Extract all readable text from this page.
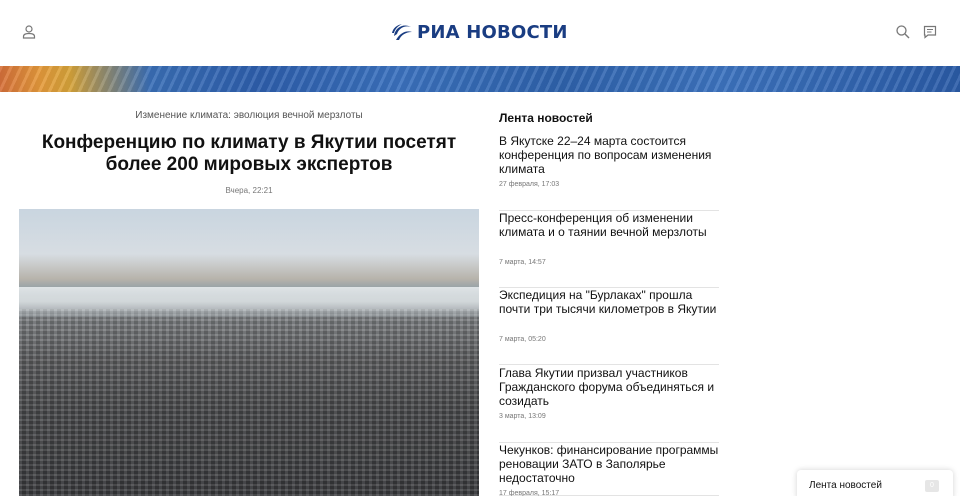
РИА НОВОСТИ
Изменение климата: эволюция вечной мерзлоты
Конференцию по климату в Якутии посетят более 200 мировых экспертов
Вчера, 22:21
Лента новостей
В Якутске 22–24 марта состоится конференция по вопросам изменения климата
27 февраля, 17:03
Пресс-конференция об изменении климата и о таянии вечной мерзлоты
7 марта, 14:57
Экспедиция на "Бурлаках" прошла почти три тысячи километров в Якутии
7 марта, 05:20
Глава Якутии призвал участников Гражданского форума объединяться и созидать
3 марта, 13:09
Чекунков: финансирование программы реновации ЗАТО в Заполярье недостаточно
17 февраля, 15:17
Лента новостей	0
